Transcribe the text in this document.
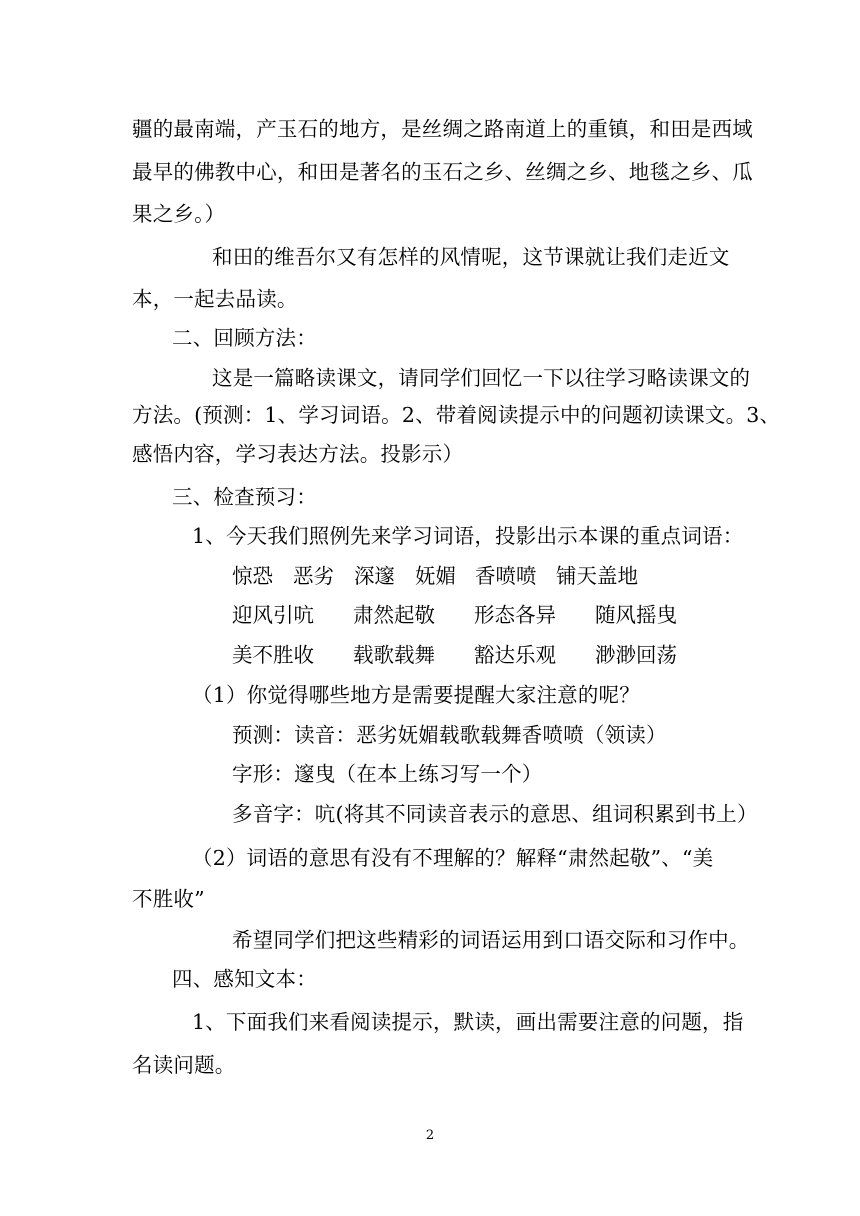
疆的最南端，产玉石的地方，是丝绸之路南道上的重镇，和田是西域
最早的佛教中心，和田是著名的玉石之乡、丝绸之乡、地毯之乡、瓜
果之乡。）
和田的维吾尔又有怎样的风情呢，这节课就让我们走近文
本，一起去品读。
二、回顾方法：
这是一篇略读课文，请同学们回忆一下以往学习略读课文的
方法。(预测：1、学习词语。2、带着阅读提示中的问题初读课文。3、
感悟内容，学习表达方法。投影示）
三、检查预习：
1、今天我们照例先来学习词语，投影出示本课的重点词语：
惊恐 恶劣 深邃 妩媚 香喷喷 铺天盖地
迎风引吭 肃然起敬 形态各异 随风摇曳
美不胜收 载歌载舞 豁达乐观 渺渺回荡
（1）你觉得哪些地方是需要提醒大家注意的呢？
预测：读音：恶劣妩媚载歌载舞香喷喷（领读）
字形：邃曳（在本上练习写一个）
多音字：吭(将其不同读音表示的意思、组词积累到书上）
（2）词语的意思有没有不理解的？解释“肃然起敬”、“美
不胜收”
希望同学们把这些精彩的词语运用到口语交际和习作中。
四、感知文本：
1、下面我们来看阅读提示，默读，画出需要注意的问题，指
名读问题。
2
